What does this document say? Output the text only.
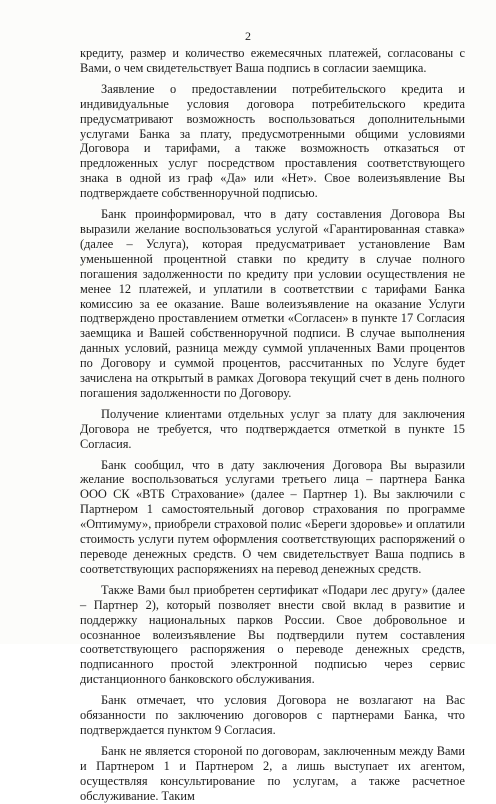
2

кредиту, размер и количество ежемесячных платежей, согласованы с Вами, о чем свидетельствует Ваша подпись в согласии заемщика.

Заявление о предоставлении потребительского кредита и индивидуальные условия договора потребительского кредита предусматривают возможность воспользоваться дополнительными услугами Банка за плату, предусмотренными общими условиями Договора и тарифами, а также возможность отказаться от предложенных услуг посредством проставления соответствующего знака в одной из граф «Да» или «Нет». Свое волеизъявление Вы подтверждаете собственноручной подписью.

Банк проинформировал, что в дату составления Договора Вы выразили желание воспользоваться услугой «Гарантированная ставка» (далее – Услуга), которая предусматривает установление Вам уменьшенной процентной ставки по кредиту в случае полного погашения задолженности по кредиту при условии осуществления не менее 12 платежей, и уплатили в соответствии с тарифами Банка комиссию за ее оказание. Ваше волеизъявление на оказание Услуги подтверждено проставлением отметки «Согласен» в пункте 17 Согласия заемщика и Вашей собственноручной подписи. В случае выполнения данных условий, разница между суммой уплаченных Вами процентов по Договору и суммой процентов, рассчитанных по Услуге будет зачислена на открытый в рамках Договора текущий счет в день полного погашения задолженности по Договору.

Получение клиентами отдельных услуг за плату для заключения Договора не требуется, что подтверждается отметкой в пункте 15 Согласия.

Банк сообщил, что в дату заключения Договора Вы выразили желание воспользоваться услугами третьего лица – партнера Банка ООО СК «ВТБ Страхование» (далее – Партнер 1). Вы заключили с Партнером 1 самостоятельный договор страхования по программе «Оптимуму», приобрели страховой полис «Береги здоровье» и оплатили стоимость услуги путем оформления соответствующих распоряжений о переводе денежных средств. О чем свидетельствует Ваша подпись в соответствующих распоряжениях на перевод денежных средств.

Также Вами был приобретен сертификат «Подари лес другу» (далее – Партнер 2), который позволяет внести свой вклад в развитие и поддержку национальных парков России. Свое добровольное и осознанное волеизъявление Вы подтвердили путем составления соответствующего распоряжения о переводе денежных средств, подписанного простой электронной подписью через сервис дистанционного банковского обслуживания.

Банк отмечает, что условия Договора не возлагают на Вас обязанности по заключению договоров с партнерами Банка, что подтверждается пунктом 9 Согласия.

Банк не является стороной по договорам, заключенным между Вами и Партнером 1 и Партнером 2, а лишь выступает их агентом, осуществляя консультирование по услугам, а также расчетное обслуживание. Таким
